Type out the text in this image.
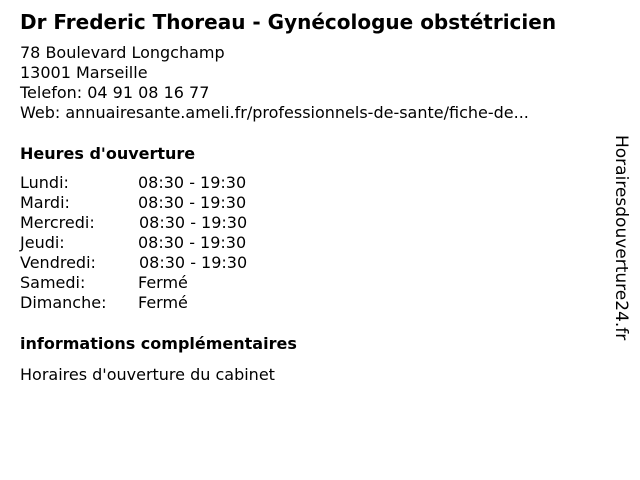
Dr Frederic Thoreau - Gynécologue obstétricien
78 Boulevard Longchamp
13001 Marseille
Telefon: 04 91 08 16 77
Web: annuairesante.ameli.fr/professionnels-de-sante/fiche-de...
Heures d'ouverture
Lundi:	08:30 - 19:30
Mardi:	08:30 - 19:30
Mercredi:	08:30 - 19:30
Jeudi:	08:30 - 19:30
Vendredi:	08:30 - 19:30
Samedi:	Fermé
Dimanche: Fermé
informations complémentaires
Horaires d'ouverture du cabinet
Horairesdouverture24.fr
